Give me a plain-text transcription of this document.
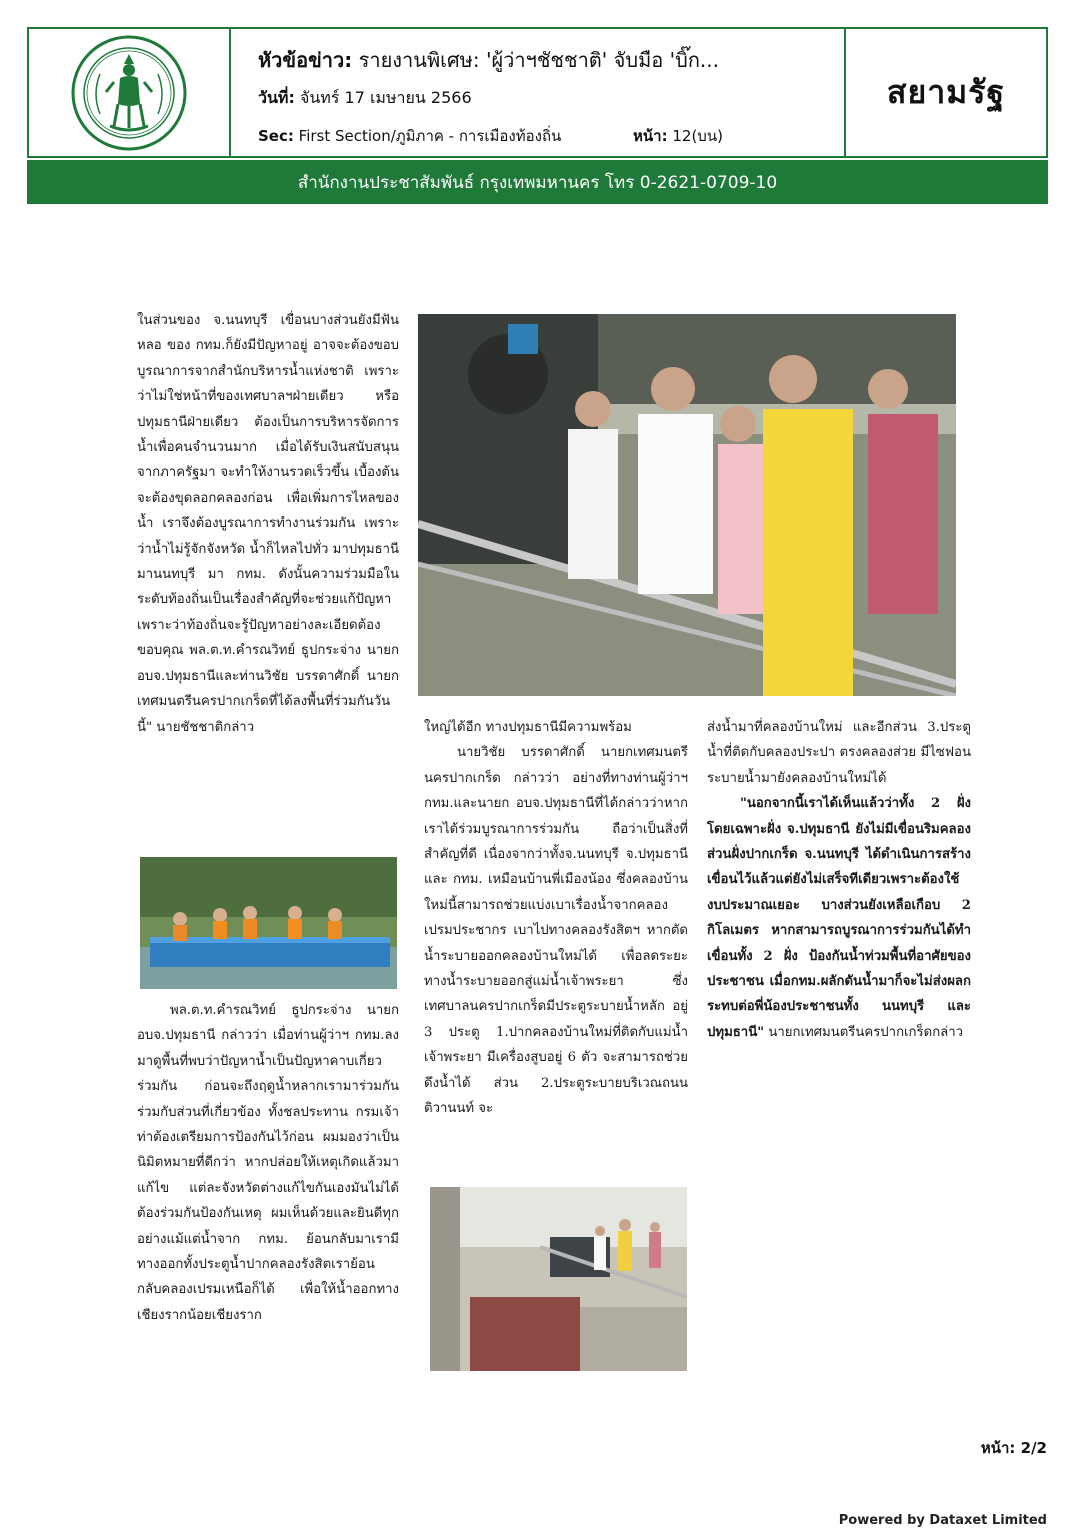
หัวข้อข่าว: รายงานพิเศษ: 'ผู้ว่าฯชัชชาติ' จับมือ 'บิ๊ก...
วันที่: จันทร์ 17 เมษายน 2566
Sec: First Section/ภูมิภาค - การเมืองท้องถิ่น	หน้า: 12(บน)
สยามรัฐ
สำนักงานประชาสัมพันธ์ กรุงเทพมหานคร โทร 0-2621-0709-10

ในส่วนของ จ.นนทบุรี เขื่อนบางส่วนยังมีฟันหลอ ของ กทม.ก็ยังมีปัญหาอยู่ อาจจะต้องขอบบูรณาการจากสำนักบริหารน้ำแห่งชาติ เพราะว่าไม่ใช่หน้าที่ของเทศบาลฯฝ่ายเดียว หรือปทุมธานีฝ่ายเดียว ต้องเป็นการบริหารจัดการน้ำเพื่อคนจำนวนมาก เมื่อได้รับเงินสนับสนุนจากภาครัฐมา จะทำให้งานรวดเร็วขึ้น เบื้องต้นจะต้องขุดลอกคลองก่อน เพื่อเพิ่มการไหลของน้ำ เราจึงต้องบูรณาการทำงานร่วมกัน เพราะว่าน้ำไม่รู้จักจังหวัด น้ำก็ไหลไปทั่ว มาปทุมธานี มานนทบุรี มา กทม. ดังนั้นความร่วมมือในระดับท้องถิ่นเป็นเรื่องสำคัญที่จะช่วยแก้ปัญหา เพราะว่าท้องถิ่นจะรู้ปัญหาอย่างละเอียดต้องขอบคุณ พล.ต.ท.คำรณวิทย์ ธูปกระจ่าง นายก อบจ.ปทุมธานีและท่านวิชัย บรรดาศักดิ์ นายกเทศมนตรีนครปากเกร็ดที่ได้ลงพื้นที่ร่วมกันวันนี้" นายชัชชาติกล่าว

พล.ต.ท.คำรณวิทย์ ธูปกระจ่าง นายก อบจ.ปทุมธานี กล่าวว่า เมื่อท่านผู้ว่าฯ กทม.ลงมาดูพื้นที่พบว่าปัญหาน้ำเป็นปัญหาคาบเกี่ยวร่วมกัน ก่อนจะถึงฤดูน้ำหลากเรามาร่วมกันร่วมกับส่วนที่เกี่ยวข้อง ทั้งชลประทาน กรมเจ้าท่าต้องเตรียมการป้องกันไว้ก่อน ผมมองว่าเป็นนิมิตหมายที่ดีกว่า หากปล่อยให้เหตุเกิดแล้วมาแก้ไข แต่ละจังหวัดต่างแก้ไขกันเองมันไม่ได้ ต้องร่วมกันป้องกันเหตุ ผมเห็นด้วยและยินดีทุกอย่างแม้แต่น้ำจาก กทม. ย้อนกลับมาเรามีทางออกทั้งประตูน้ำปากคลองรังสิตเราย้อนกลับคลองเปรมเหนือก็ได้ เพื่อให้น้ำออกทางเชียงรากน้อยเชียงราก

ใหญ่ได้อีก ทางปทุมธานีมีความพร้อม

นายวิชัย บรรดาศักดิ์ นายกเทศมนตรีนครปากเกร็ด กล่าวว่า อย่างที่ทางท่านผู้ว่าฯ กทม.และนายก อบจ.ปทุมธานีที่ได้กล่าวว่าหากเราได้ร่วมบูรณาการร่วมกัน ถือว่าเป็นสิ่งที่สำคัญที่ดี เนื่องจากว่าทั้งจ.นนทบุรี จ.ปทุมธานี และ กทม. เหมือนบ้านพี่เมืองน้อง ซึ่งคลองบ้านใหม่นี้สามารถช่วยแบ่งเบาเรื่องน้ำจากคลองเปรมประชากร เบาไปทางคลองรังสิตฯ หากตัดน้ำระบายออกคลองบ้านใหม่ได้ เพื่อลดระยะทางน้ำระบายออกสู่แม่น้ำเจ้าพระยา ซึ่งเทศบาลนครปากเกร็ดมีประตูระบายน้ำหลัก อยู่ 3 ประตู 1.ปากคลองบ้านใหม่ที่ติดกับแม่น้ำเจ้าพระยา มีเครื่องสูบอยู่ 6 ตัว จะสามารถช่วยดึงน้ำได้ ส่วน 2.ประตูระบายบริเวณถนนติวานนท์ จะ

ส่งน้ำมาที่คลองบ้านใหม่ และอีกส่วน 3.ประตูน้ำที่ติดกับคลองประปา ตรงคลองส่วย มีไซฟอนระบายน้ำมายังคลองบ้านใหม่ได้

"นอกจากนี้เราได้เห็นแล้วว่าทั้ง 2 ฝั่ง โดยเฉพาะฝั่ง จ.ปทุมธานี ยังไม่มีเขื่อนริมคลอง ส่วนฝั่งปากเกร็ด จ.นนทบุรี ได้ดำเนินการสร้างเขื่อนไว้แล้วแต่ยังไม่เสร็จทีเดียวเพราะต้องใช้งบประมาณเยอะ บางส่วนยังเหลือเกือบ 2 กิโลเมตร หากสามารถบูรณาการร่วมกันได้ทำเขื่อนทั้ง 2 ฝั่ง ป้องกันน้ำท่วมพื้นที่อาศัยของประชาชน เมื่อกทม.ผลักดันน้ำมาก็จะไม่ส่งผลกระทบต่อพี่น้องประชาชนทั้ง นนทบุรี และ ปทุมธานี" นายกเทศมนตรีนครปากเกร็ดกล่าว

หน้า: 2/2
Powered by Dataxet Limited
